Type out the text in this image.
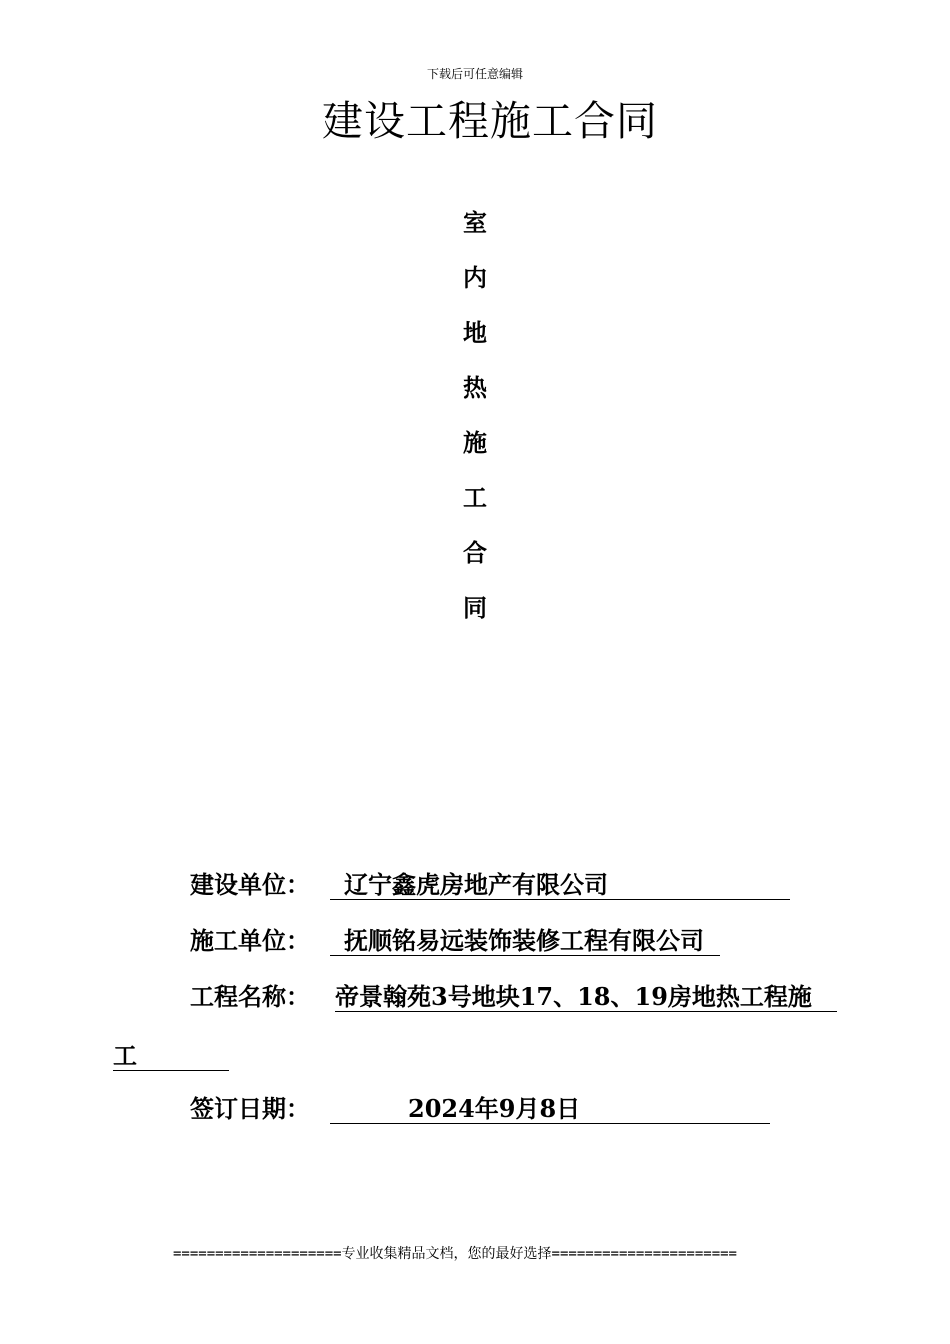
下载后可任意编辑
建设工程施工合同
室
内
地
热
施
工
合
同
建设单位： 辽宁鑫虎房地产有限公司
施工单位： 抚顺铭易远装饰装修工程有限公司
工程名称： 帝景翰苑3号地块17、18、19房地热工程施
工
签订日期：	2024年9月8日
====================专业收集精品文档，您的最好选择======================
